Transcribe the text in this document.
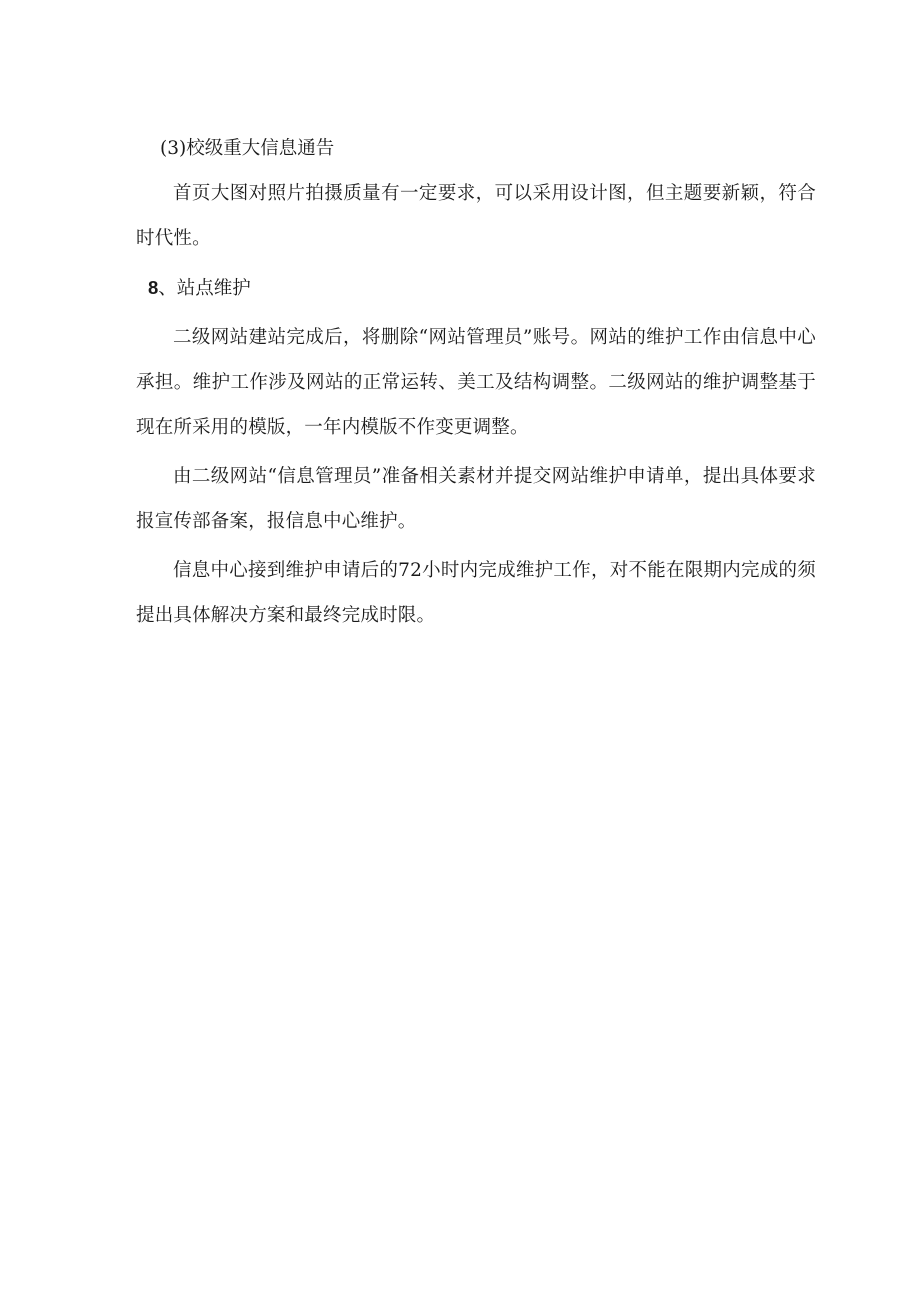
(3)校级重大信息通告

首页大图对照片拍摄质量有一定要求，可以采用设计图，但主题要新颖，符合时代性。

8、站点维护

二级网站建站完成后，将删除“网站管理员”账号。网站的维护工作由信息中心承担。维护工作涉及网站的正常运转、美工及结构调整。二级网站的维护调整基于现在所采用的模版，一年内模版不作变更调整。

由二级网站“信息管理员”准备相关素材并提交网站维护申请单，提出具体要求报宣传部备案，报信息中心维护。

信息中心接到维护申请后的72小时内完成维护工作，对不能在限期内完成的须提出具体解决方案和最终完成时限。
